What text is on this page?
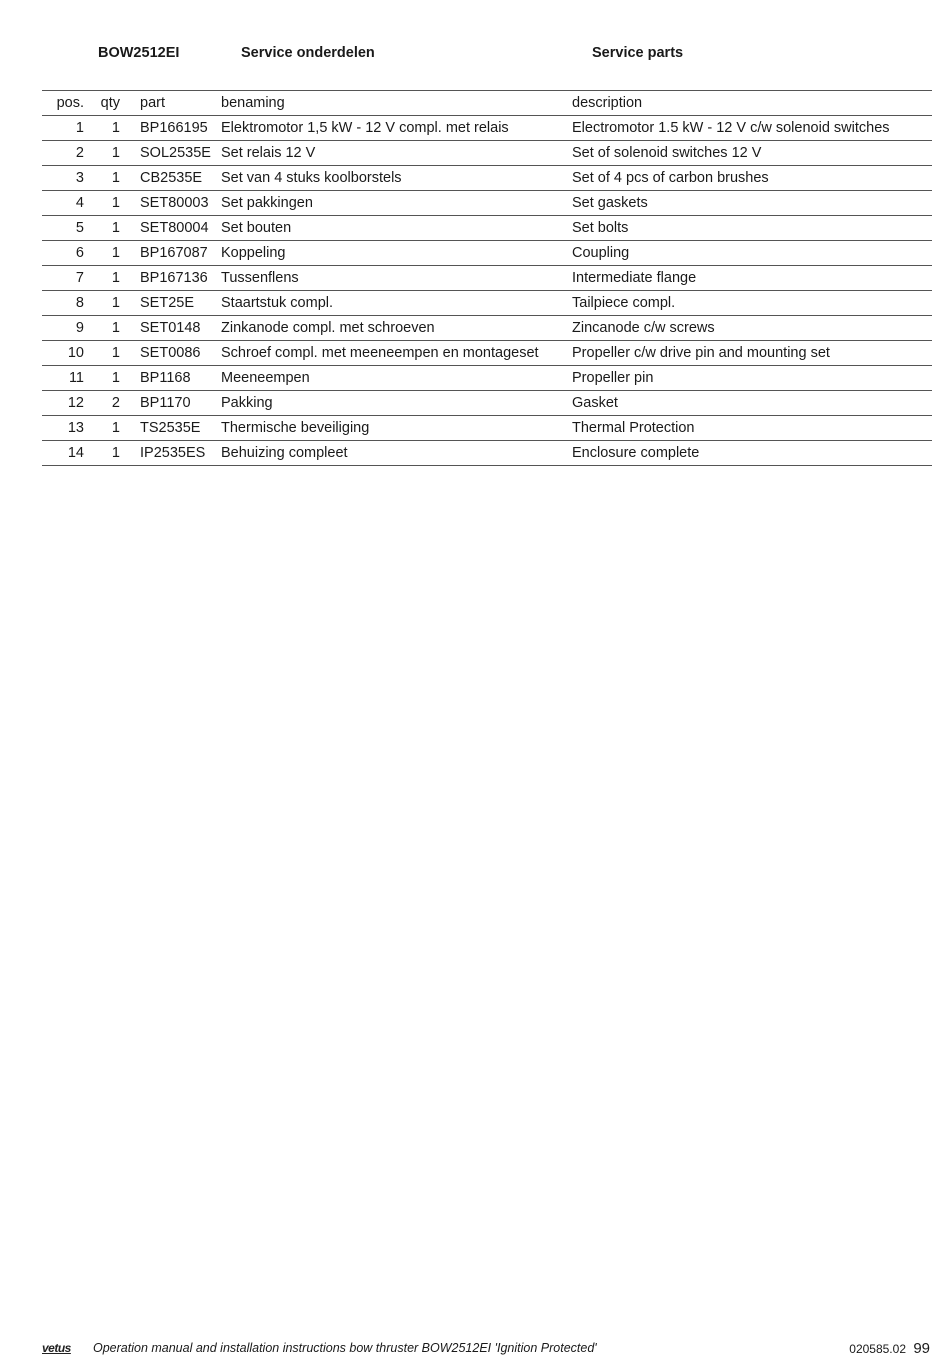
BOW2512EI	Service onderdelen	Service parts
pos.	qty	part	benaming	description
1	1	BP166195	Elektromotor 1,5 kW - 12 V compl. met relais	Electromotor 1.5 kW - 12 V c/w solenoid switches
2	1	SOL2535E	Set relais 12 V	Set of solenoid switches 12 V
3	1	CB2535E	Set van 4 stuks koolborstels	Set of 4 pcs of carbon brushes
4	1	SET80003	Set pakkingen	Set gaskets
5	1	SET80004	Set bouten	Set bolts
6	1	BP167087	Koppeling	Coupling
7	1	BP167136	Tussenflens	Intermediate flange
8	1	SET25E	Staartstuk compl.	Tailpiece compl.
9	1	SET0148	Zinkanode compl. met schroeven	Zincanode c/w screws
10	1	SET0086	Schroef compl. met meeneempen en montageset	Propeller c/w drive pin and mounting set
11	1	BP1168	Meeneempen	Propeller pin
12	2	BP1170	Pakking	Gasket
13	1	TS2535E	Thermische beveiliging	Thermal Protection
14	1	IP2535ES	Behuizing compleet	Enclosure complete
vetus Operation manual and installation instructions bow thruster BOW2512EI 'Ignition Protected'	020585.02 99
